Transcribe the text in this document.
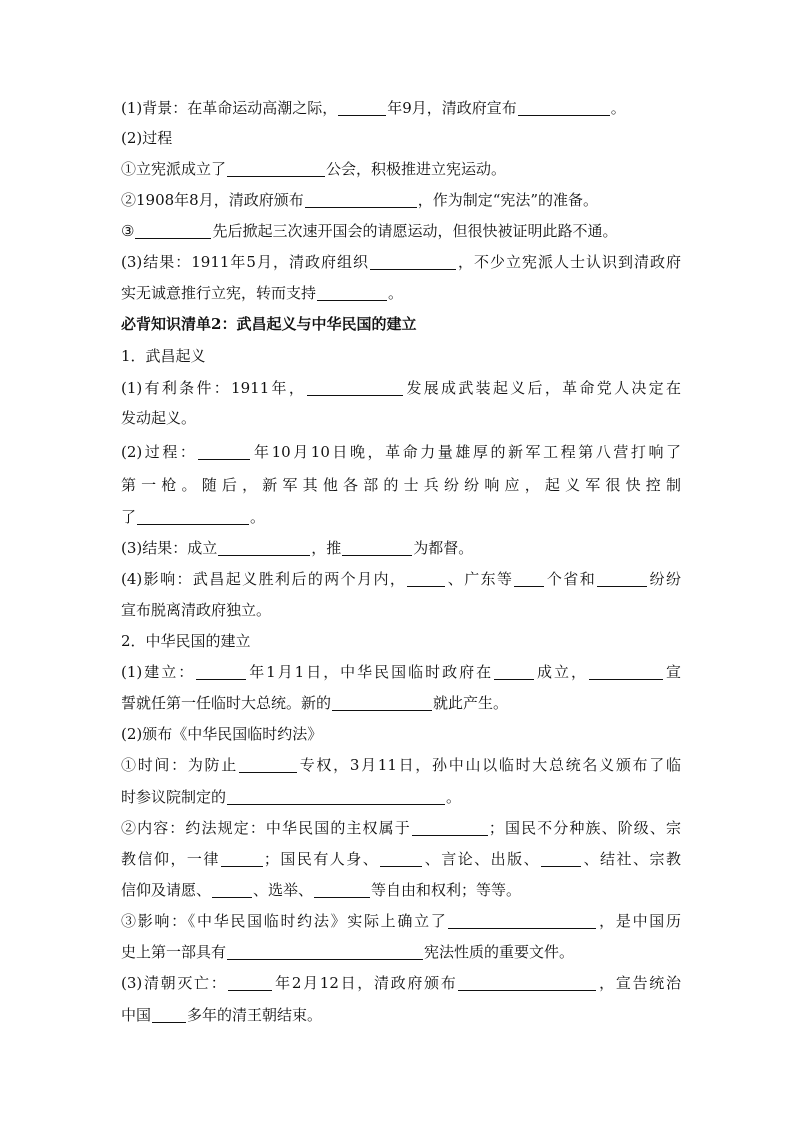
(1)背景：在革命运动高潮之际，	年9月，清政府宣布	。
(2)过程
①立宪派成立了	公会，积极推进立宪运动。
②1908年8月，清政府颁布	，作为制定“宪法”的准备。
③	先后掀起三次速开国会的请愿运动，但很快被证明此路不通。
(3)结果：1911年5月，清政府组织	，不少立宪派人士认识到清政府
实无诚意推行立宪，转而支持	。
必背知识清单2：武昌起义与中华民国的建立
1．武昌起义
(1)有利条件：1911年，	发展成武装起义后，革命党人决定在
发动起义。
(2)过程：	年10月10日晚，革命力量雄厚的新军工程第八营打响了
第一枪。随后，新军其他各部的士兵纷纷响应，起义军很快控制
了	。
(3)结果：成立	，推	为都督。
(4)影响：武昌起义胜利后的两个月内，	、广东等 个省和	纷纷
宣布脱离清政府独立。
2．中华民国的建立
(1)建立：	年1月1日，中华民国临时政府在	成立，	宣
誓就任第一任临时大总统。新的	就此产生。
(2)颁布《中华民国临时约法》
①时间：为防止	专权，3月11日，孙中山以临时大总统名义颁布了临
时参议院制定的	。
②内容：约法规定：中华民国的主权属于	；国民不分种族、阶级、宗
教信仰，一律	；国民有人身、	、言论、出版、	、结社、宗教
信仰及请愿、	、选举、	等自由和权利；等等。
③影响：《中华民国临时约法》实际上确立了	，是中国历
史上第一部具有	宪法性质的重要文件。
(3)清朝灭亡：	年2月12日，清政府颁布	，宣告统治
中国 多年的清王朝结束。
